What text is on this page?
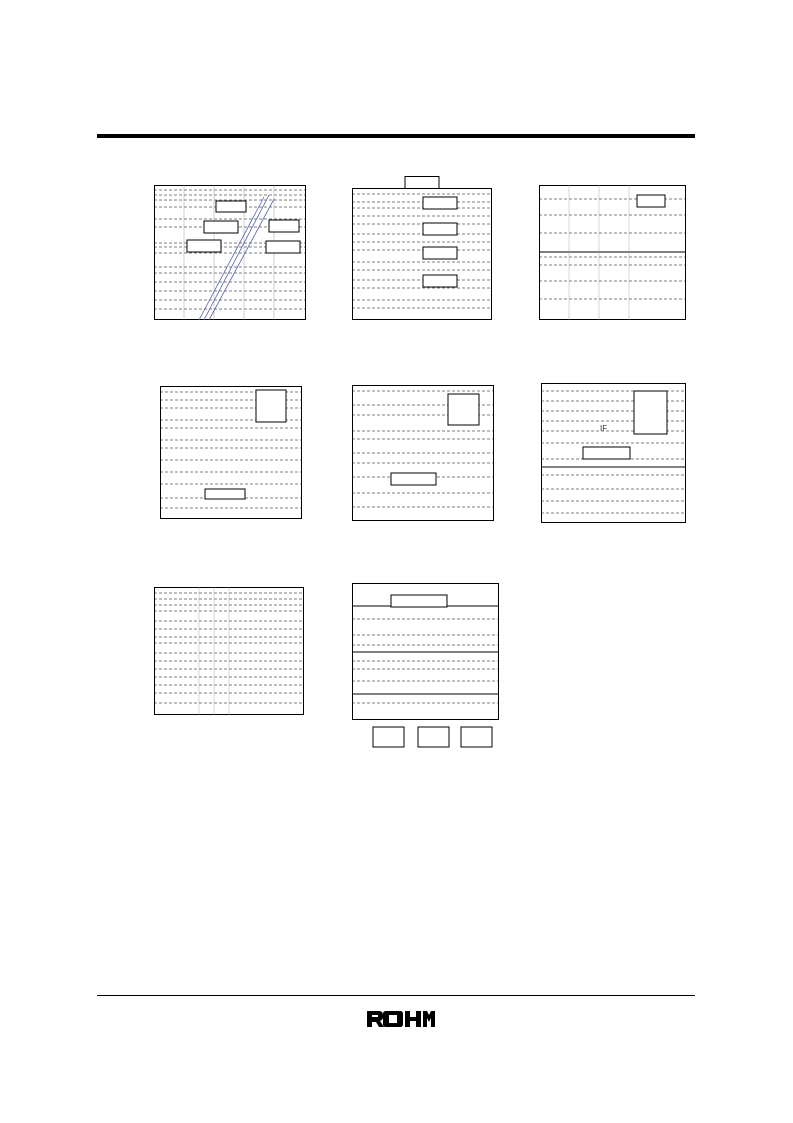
IF
